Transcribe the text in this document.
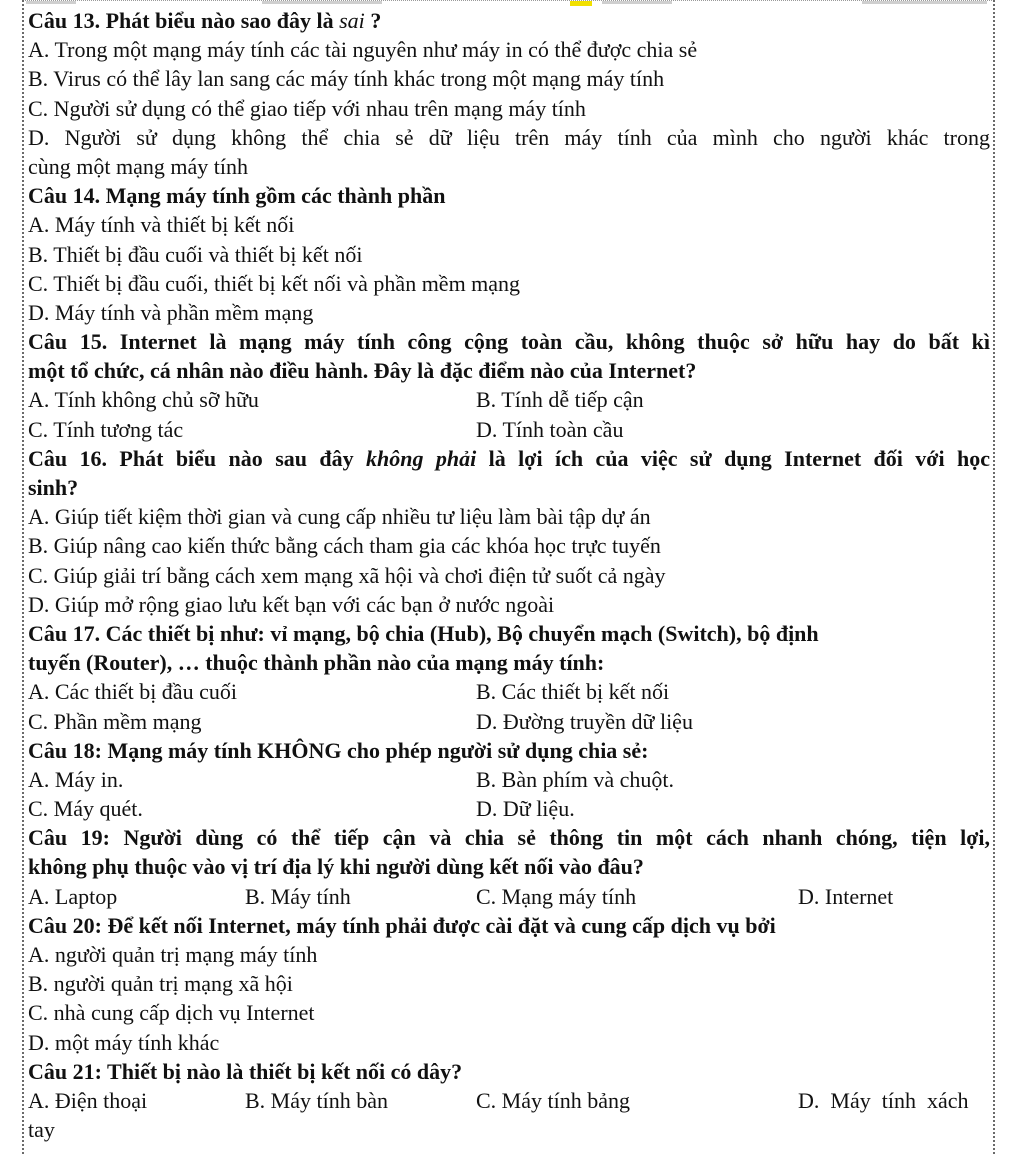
Câu 13. Phát biểu nào sao đây là sai ?
A. Trong một mạng máy tính các tài nguyên như máy in có thể được chia sẻ
B. Virus có thể lây lan sang các máy tính khác trong một mạng máy tính
C. Người sử dụng có thể giao tiếp với nhau trên mạng máy tính
D. Người sử dụng không thể chia sẻ dữ liệu trên máy tính của mình cho người khác trong
cùng một mạng máy tính
Câu 14. Mạng máy tính gồm các thành phần
A. Máy tính và thiết bị kết nối
B. Thiết bị đầu cuối và thiết bị kết nối
C. Thiết bị đầu cuối, thiết bị kết nối và phần mềm mạng
D. Máy tính và phần mềm mạng
Câu 15. Internet là mạng máy tính công cộng toàn cầu, không thuộc sở hữu hay do bất kì
một tổ chức, cá nhân nào điều hành. Đây là đặc điểm nào của Internet?
A. Tính không chủ sỡ hữu	B. Tính dễ tiếp cận
C. Tính tương tác	D. Tính toàn cầu
Câu 16. Phát biểu nào sau đây không phải là lợi ích của việc sử dụng Internet đối với học
sinh?
A. Giúp tiết kiệm thời gian và cung cấp nhiều tư liệu làm bài tập dự án
B. Giúp nâng cao kiến thức bằng cách tham gia các khóa học trực tuyến
C. Giúp giải trí bằng cách xem mạng xã hội và chơi điện tử suốt cả ngày
D. Giúp mở rộng giao lưu kết bạn với các bạn ở nước ngoài
Câu 17. Các thiết bị như: vỉ mạng, bộ chia (Hub), Bộ chuyển mạch (Switch), bộ định
tuyến (Router), … thuộc thành phần nào của mạng máy tính:
A. Các thiết bị đầu cuối	B. Các thiết bị kết nối
C. Phần mềm mạng	D. Đường truyền dữ liệu
Câu 18: Mạng máy tính KHÔNG cho phép người sử dụng chia sẻ:
A. Máy in.	B. Bàn phím và chuột.
C. Máy quét.	D. Dữ liệu.
Câu 19: Người dùng có thể tiếp cận và chia sẻ thông tin một cách nhanh chóng, tiện lợi,
không phụ thuộc vào vị trí địa lý khi người dùng kết nối vào đâu?
A. Laptop	B. Máy tính	C. Mạng máy tính	D. Internet
Câu 20: Để kết nối Internet, máy tính phải được cài đặt và cung cấp dịch vụ bởi
A. người quản trị mạng máy tính
B. người quản trị mạng xã hội
C. nhà cung cấp dịch vụ Internet
D. một máy tính khác
Câu 21: Thiết bị nào là thiết bị kết nối có dây?
A. Điện thoại	B. Máy tính bàn	C. Máy tính bảng	D.  Máy  tính  xách
tay
